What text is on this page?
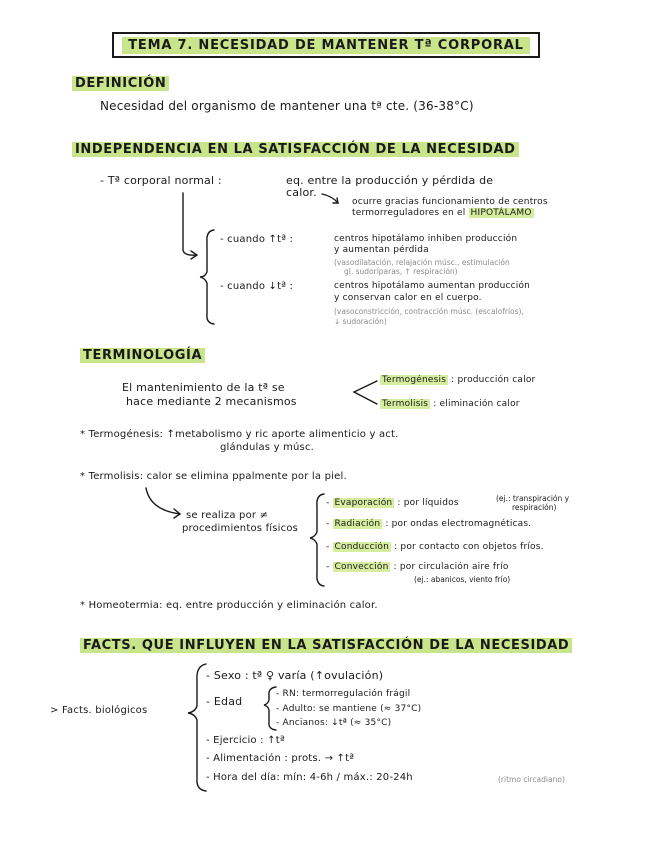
TEMA 7. NECESIDAD DE MANTENER Tª CORPORAL
DEFINICIÓN
Necesidad del organismo de mantener una tª cte. (36-38°C)
INDEPENDENCIA EN LA SATISFACCIÓN DE LA NECESIDAD
- Tª corporal normal :	eq. entre la producción y pérdida de
calor.
ocurre gracias funcionamiento de centros
termorreguladores en el HIPOTÁLAMO
- cuando ↑tª :	centros hipotálamo inhiben producción
y aumentan pérdida
(vasodilatación, relajación músc., estimulación
gl. sudoríparas, ↑ respiración)
- cuando ↓tª :	centros hipotálamo aumentan producción
y conservan calor en el cuerpo.
(vasoconstricción, contracción músc. (escalofríos),
↓ sudoración)
TERMINOLOGÍA
El mantenimiento de la tª se
hace mediante 2 mecanismos
Termogénesis : producción calor
Termolisis : eliminación calor
* Termogénesis: ↑metabolismo y ric aporte alimenticio y act.
glándulas y músc.
* Termolisis: calor se elimina ppalmente por la piel.
se realiza por ≠
procedimientos físicos
- Evaporación : por líquidos	(ej.: transpiración y
respiración)
- Radiación : por ondas electromagnéticas.
- Conducción : por contacto con objetos fríos.
- Convección : por circulación aire frío
(ej.: abanicos, viento frío)
* Homeotermia: eq. entre producción y eliminación calor.
FACTS. QUE INFLUYEN EN LA SATISFACCIÓN DE LA NECESIDAD
> Facts. biológicos
- Sexo : tª ♀ varía (↑ovulación)
- Edad
- RN: termorregulación frágil
- Adulto: se mantiene (≈ 37°C)
- Ancianos: ↓tª (≈ 35°C)
- Ejercicio : ↑tª
- Alimentación : prots. → ↑tª
- Hora del día: mín: 4-6h / máx.: 20-24h	(ritmo circadiano)
